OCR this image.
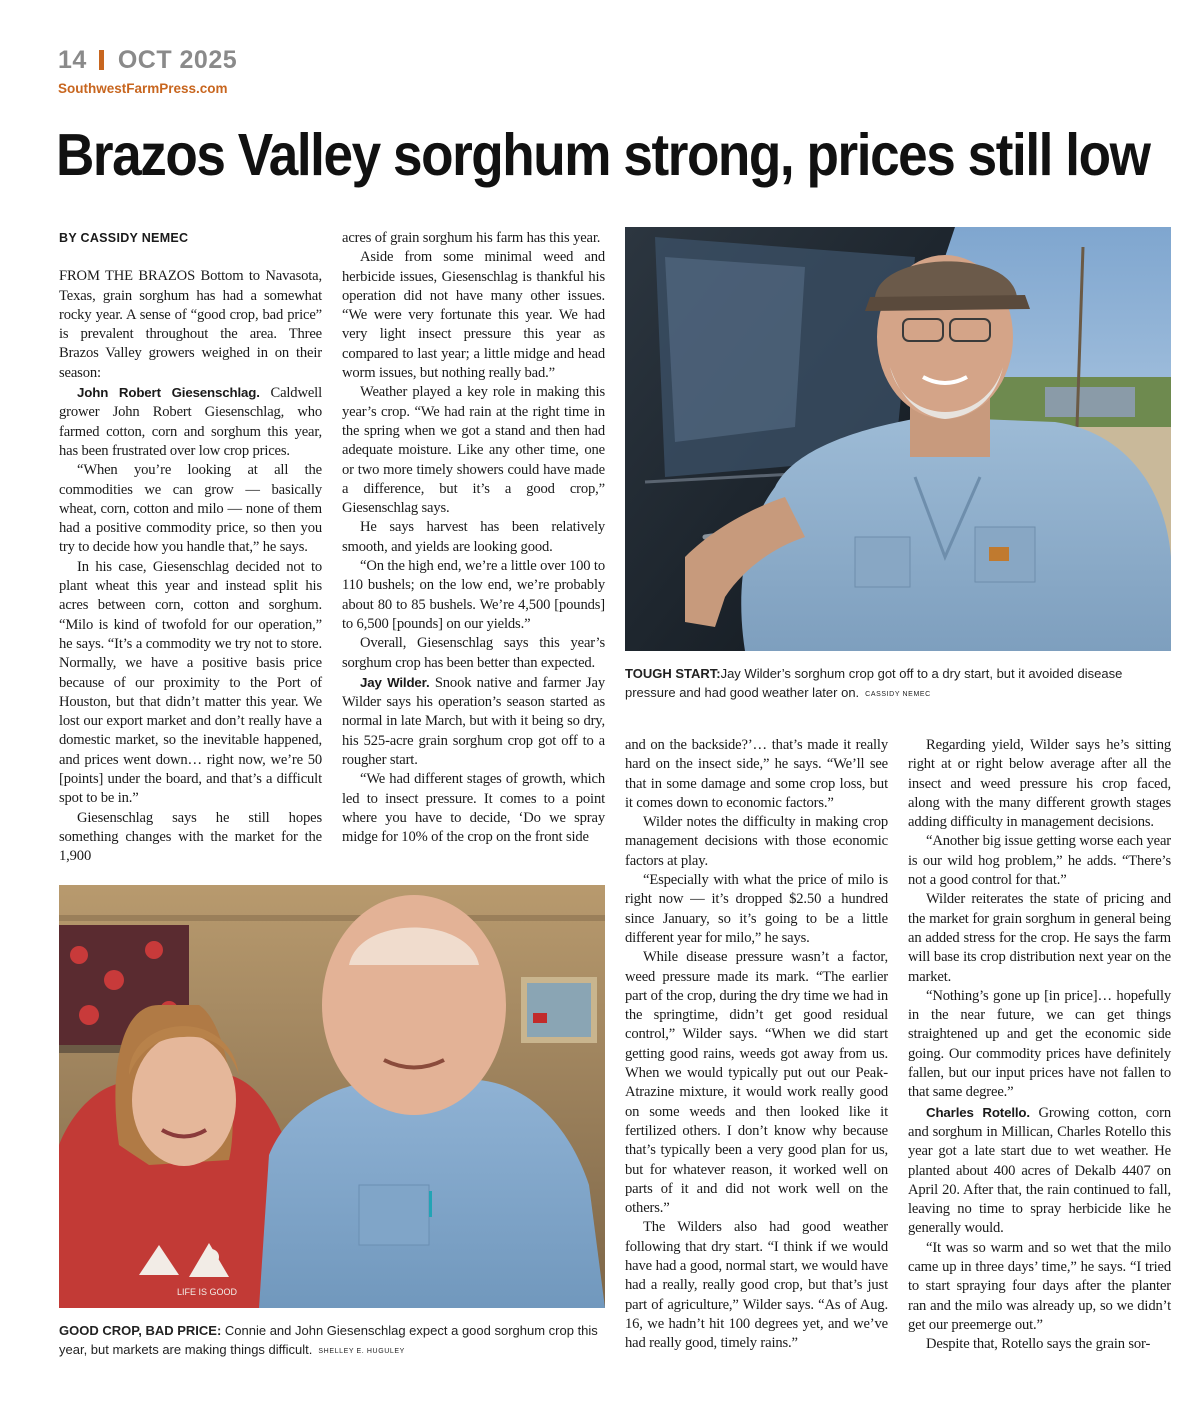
14 OCT 2025
SouthwestFarmPress.com
Brazos Valley sorghum strong, prices still low
BY CASSIDY NEMEC

FROM THE BRAZOS Bottom to Navasota, Texas, grain sorghum has had a somewhat rocky year. A sense of “good crop, bad price” is prevalent throughout the area. Three Brazos Valley growers weighed in on their season:

John Robert Giesenschlag. Caldwell grower John Robert Giesenschlag, who farmed cotton, corn and sorghum this year, has been frustrated over low crop prices.

“When you’re looking at all the commodities we can grow — basically wheat, corn, cotton and milo — none of them had a positive commodity price, so then you try to decide how you handle that,” he says.

In his case, Giesenschlag decided not to plant wheat this year and instead split his acres between corn, cotton and sorghum. “Milo is kind of twofold for our operation,” he says. “It’s a commodity we try not to store. Normally, we have a positive basis price because of our proximity to the Port of Houston, but that didn’t matter this year. We lost our export market and don’t really have a domestic market, so the inevitable happened, and prices went down… right now, we’re 50 [points] under the board, and that’s a difficult spot to be in.”

Giesenschlag says he still hopes something changes with the market for the 1,900

acres of grain sorghum his farm has this year.

Aside from some minimal weed and herbicide issues, Giesenschlag is thankful his operation did not have many other issues. “We were very fortunate this year. We had very light insect pressure this year as compared to last year; a little midge and head worm issues, but nothing really bad.”

Weather played a key role in making this year’s crop. “We had rain at the right time in the spring when we got a stand and then had adequate moisture. Like any other time, one or two more timely showers could have made a difference, but it’s a good crop,” Giesenschlag says.

He says harvest has been relatively smooth, and yields are looking good.

“On the high end, we’re a little over 100 to 110 bushels; on the low end, we’re probably about 80 to 85 bushels. We’re 4,500 [pounds] to 6,500 [pounds] on our yields.”

Overall, Giesenschlag says this year’s sorghum crop has been better than expected.

Jay Wilder. Snook native and farmer Jay Wilder says his operation’s season started as normal in late March, but with it being so dry, his 525-acre grain sorghum crop got off to a rougher start.

“We had different stages of growth, which led to insect pressure. It comes to a point where you have to decide, ‘Do we spray midge for 10% of the crop on the front side

TOUGH START:Jay Wilder’s sorghum crop got off to a dry start, but it avoided disease pressure and had good weather later on. CASSIDY NEMEC

and on the backside?’… that’s made it really hard on the insect side,” he says. “We’ll see that in some damage and some crop loss, but it comes down to economic factors.”

Wilder notes the difficulty in making crop management decisions with those economic factors at play.

“Especially with what the price of milo is right now — it’s dropped $2.50 a hundred since January, so it’s going to be a little different year for milo,” he says.

While disease pressure wasn’t a factor, weed pressure made its mark. “The earlier part of the crop, during the dry time we had in the springtime, didn’t get good residual control,” Wilder says. “When we did start getting good rains, weeds got away from us. When we would typically put out our Peak-Atrazine mixture, it would work really good on some weeds and then looked like it fertilized others. I don’t know why because that’s typically been a very good plan for us, but for whatever reason, it worked well on parts of it and did not work well on the others.”

The Wilders also had good weather following that dry start. “I think if we would have had a good, normal start, we would have had a really, really good crop, but that’s just part of agriculture,” Wilder says. “As of Aug. 16, we hadn’t hit 100 degrees yet, and we’ve had really good, timely rains.”

Regarding yield, Wilder says he’s sitting right at or right below average after all the insect and weed pressure his crop faced, along with the many different growth stages adding difficulty in management decisions.

“Another big issue getting worse each year is our wild hog problem,” he adds. “There’s not a good control for that.”

Wilder reiterates the state of pricing and the market for grain sorghum in general being an added stress for the crop. He says the farm will base its crop distribution next year on the market.

“Nothing’s gone up [in price]… hopefully in the near future, we can get things straightened up and get the economic side going. Our commodity prices have definitely fallen, but our input prices have not fallen to that same degree.”

Charles Rotello. Growing cotton, corn and sorghum in Millican, Charles Rotello this year got a late start due to wet weather. He planted about 400 acres of Dekalb 4407 on April 20. After that, the rain continued to fall, leaving no time to spray herbicide like he generally would.

“It was so warm and so wet that the milo came up in three days’ time,” he says. “I tried to start spraying four days after the planter ran and the milo was already up, so we didn’t get our preemerge out.”

Despite that, Rotello says the grain sor-

LIFE IS GOOD
GOOD CROP, BAD PRICE: Connie and John Giesenschlag expect a good sorghum crop this year, but markets are making things difficult. SHELLEY E. HUGULEY
